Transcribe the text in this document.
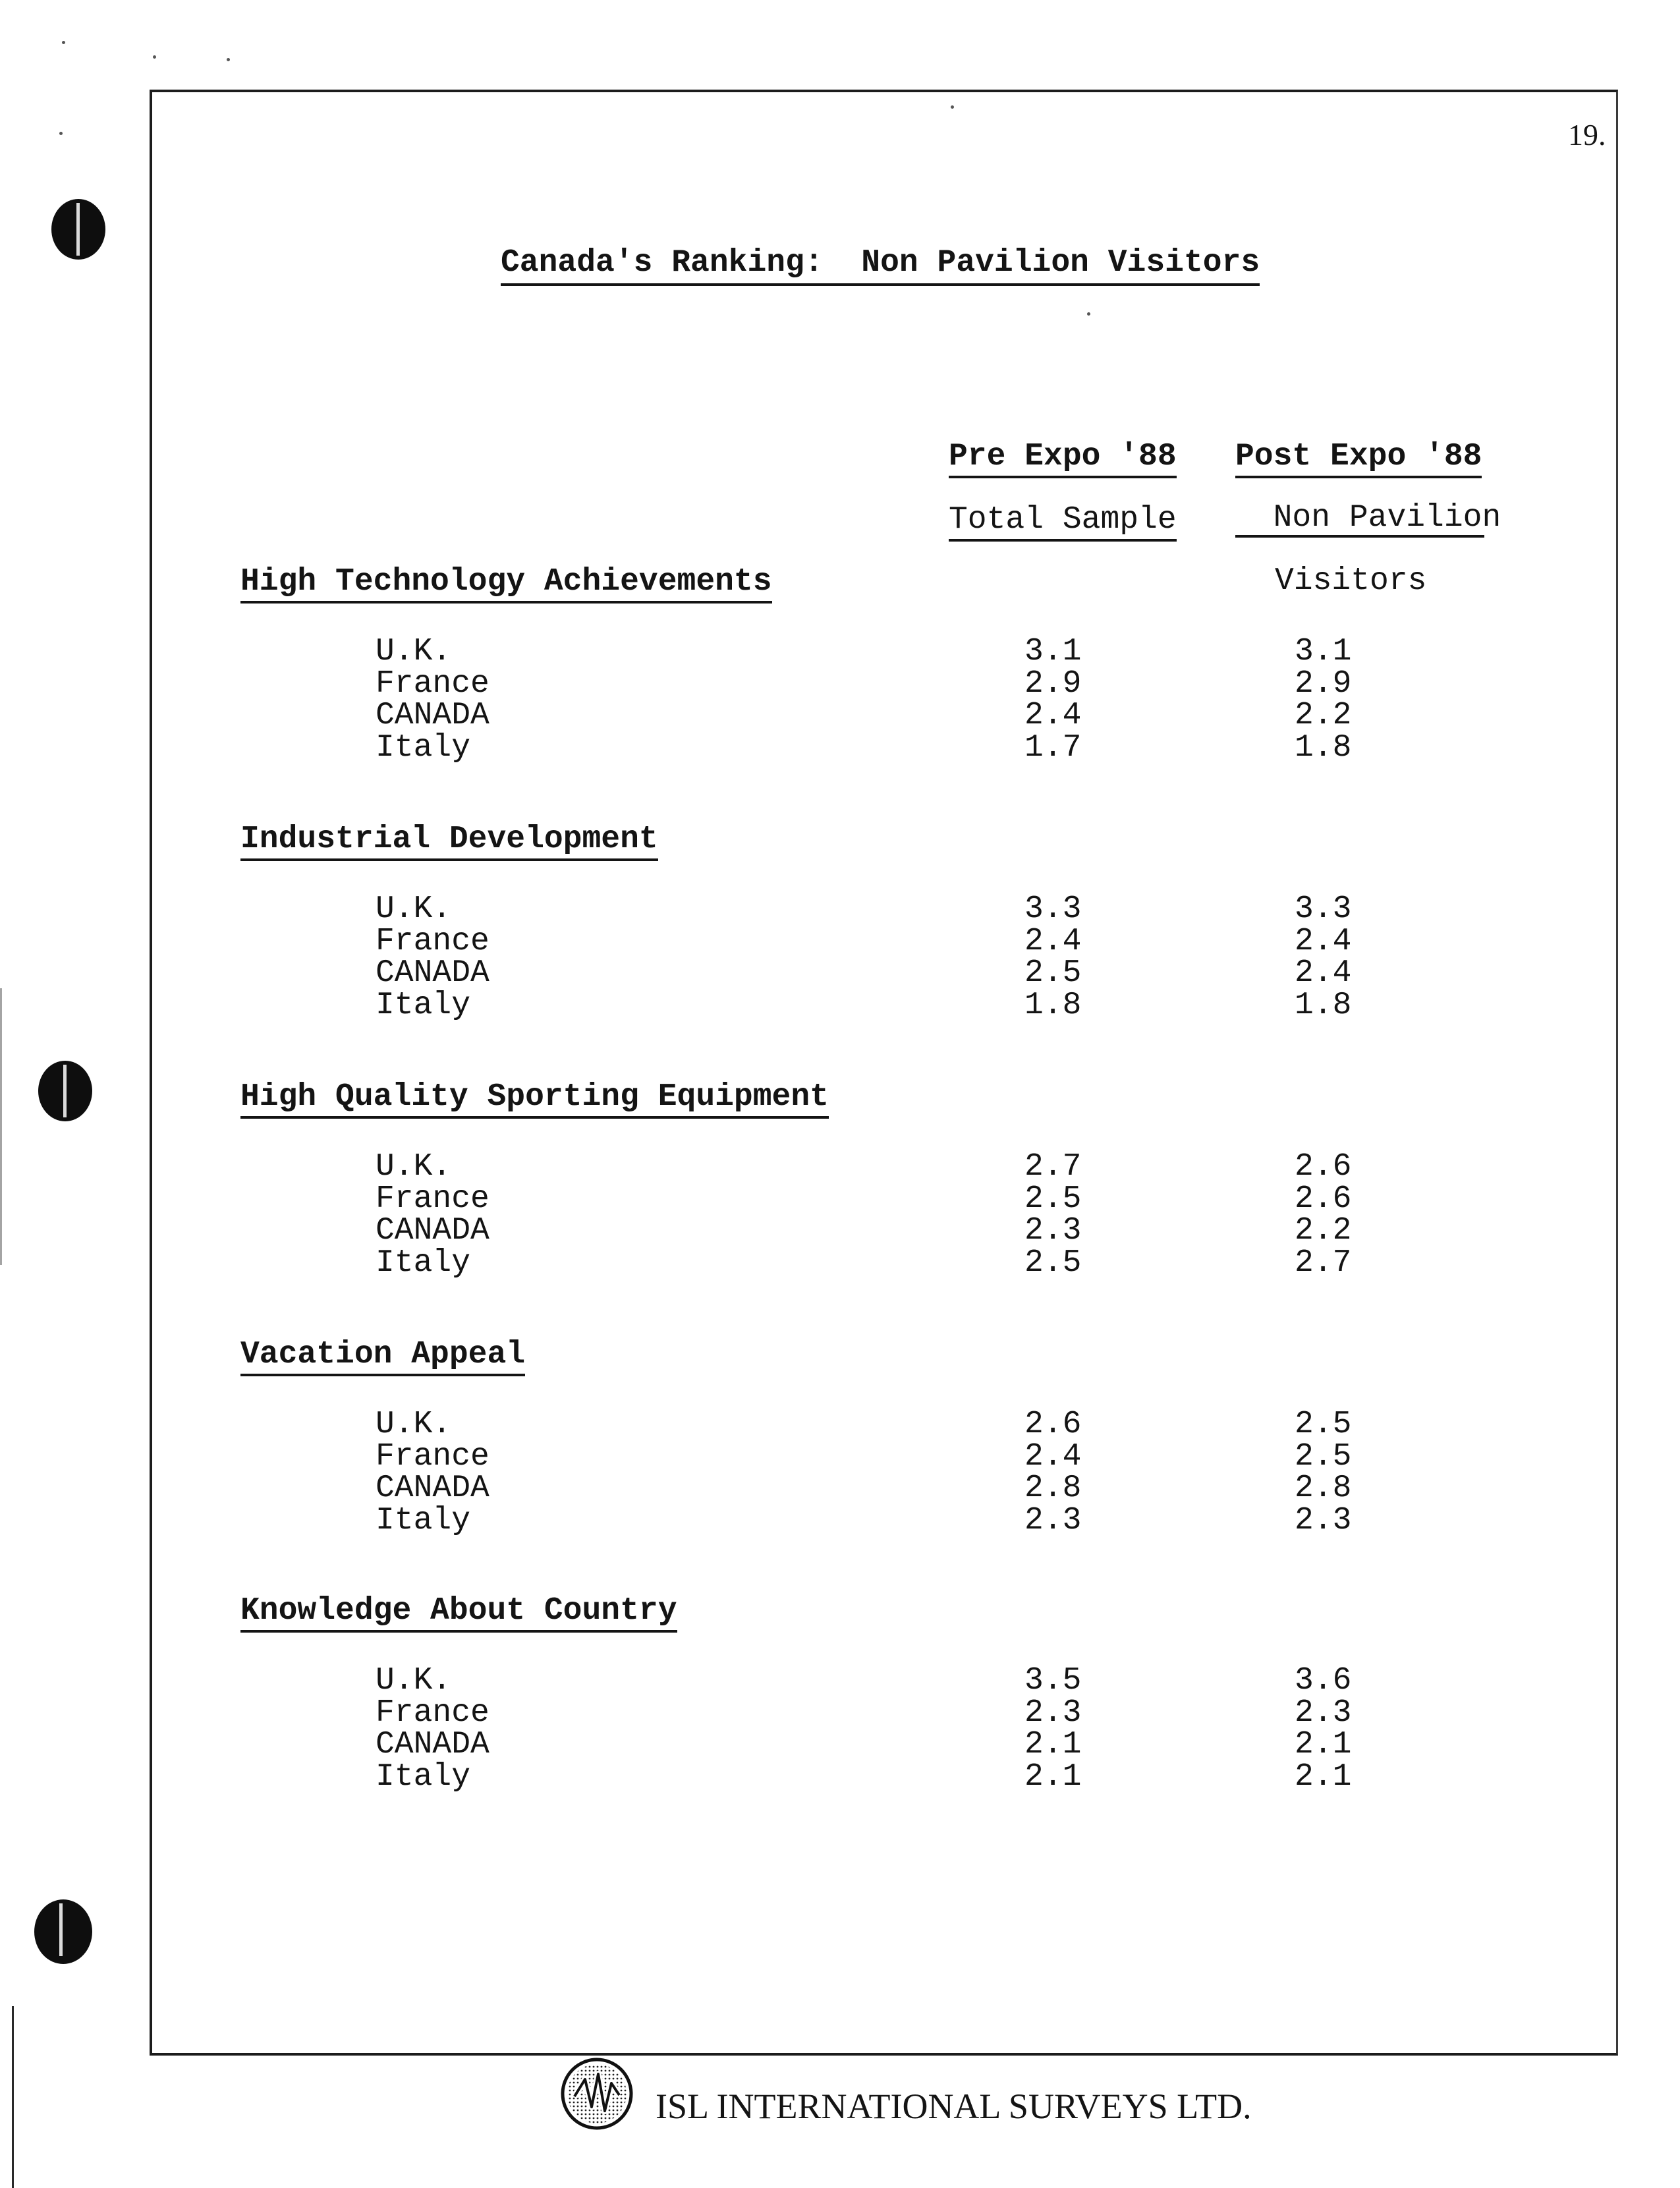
19.
Canada's Ranking:  Non Pavilion Visitors
Pre Expo '88
Total Sample
Post Expo '88

Non Pavilion

Visitors

High Technology Achievements
U.K.	3.1	3.1
France	2.9	2.9
CANADA	2.4	2.2
Italy	1.7	1.8
Industrial Development
U.K.	3.3	3.3
France	2.4	2.4
CANADA	2.5	2.4
Italy	1.8	1.8
High Quality Sporting Equipment
U.K.	2.7	2.6
France	2.5	2.6
CANADA	2.3	2.2
Italy	2.5	2.7
Vacation Appeal
U.K.	2.6	2.5
France	2.4	2.5
CANADA	2.8	2.8
Italy	2.3	2.3
Knowledge About Country
U.K.	3.5	3.6
France	2.3	2.3
CANADA	2.1	2.1
Italy	2.1	2.1
ISL INTERNATIONAL SURVEYS LTD.
